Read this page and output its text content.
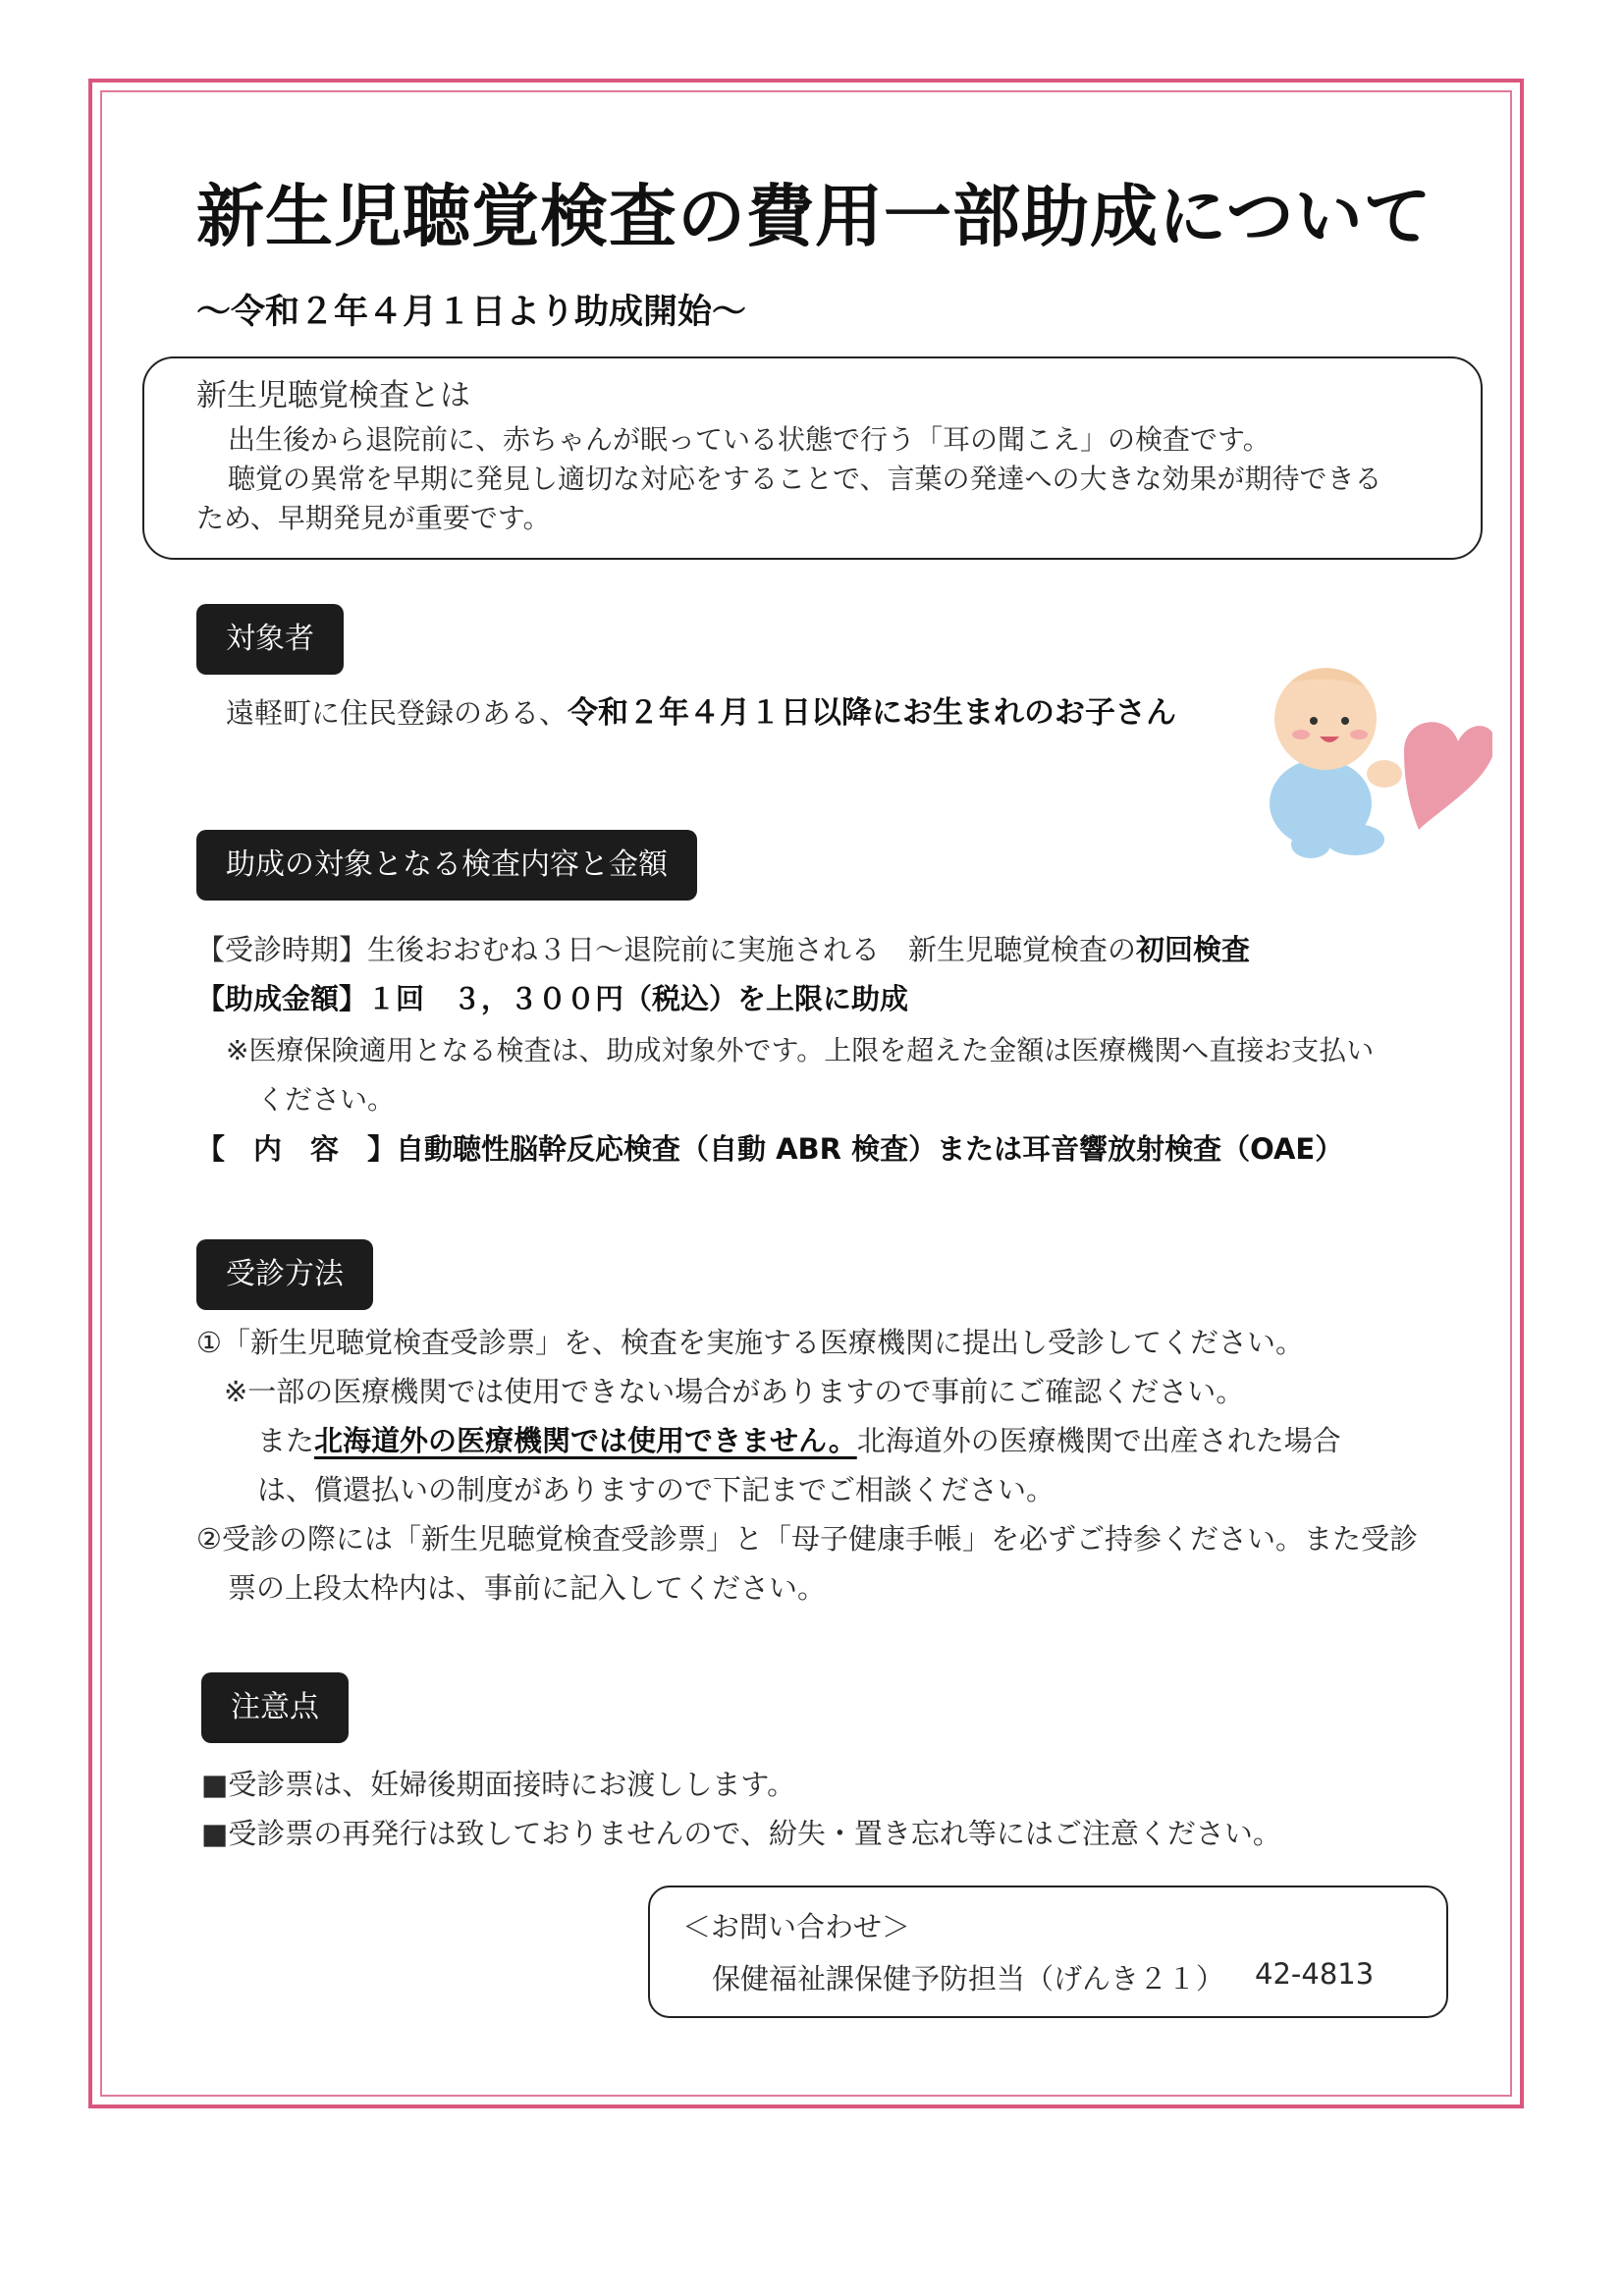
新生児聴覚検査の費用一部助成について
～令和２年４月１日より助成開始～
新生児聴覚検査とは
出生後から退院前に、赤ちゃんが眠っている状態で行う「耳の聞こえ」の検査です。
聴覚の異常を早期に発見し適切な対応をすることで、言葉の発達への大きな効果が期待できる
ため、早期発見が重要です。
対象者
遠軽町に住民登録のある、令和２年４月１日以降にお生まれのお子さん
助成の対象となる検査内容と金額
【受診時期】生後おおむね３日～退院前に実施される　新生児聴覚検査の初回検査
【助成金額】１回　３，３００円（税込）を上限に助成
※医療保険適用となる検査は、助成対象外です。上限を超えた金額は医療機関へ直接お支払い
ください。
【　内　容　】自動聴性脳幹反応検査（自動 ABR 検査）または耳音響放射検査（OAE）
受診方法
①「新生児聴覚検査受診票」を、検査を実施する医療機関に提出し受診してください。
※一部の医療機関では使用できない場合がありますので事前にご確認ください。
また北海道外の医療機関では使用できません。北海道外の医療機関で出産された場合
は、償還払いの制度がありますので下記までご相談ください。
②受診の際には「新生児聴覚検査受診票」と「母子健康手帳」を必ずご持参ください。また受診
票の上段太枠内は、事前に記入してください。
注意点
■受診票は、妊婦後期面接時にお渡しします。
■受診票の再発行は致しておりませんので、紛失・置き忘れ等にはご注意ください。
＜お問い合わせ＞
保健福祉課保健予防担当（げんき２１） 42-4813
